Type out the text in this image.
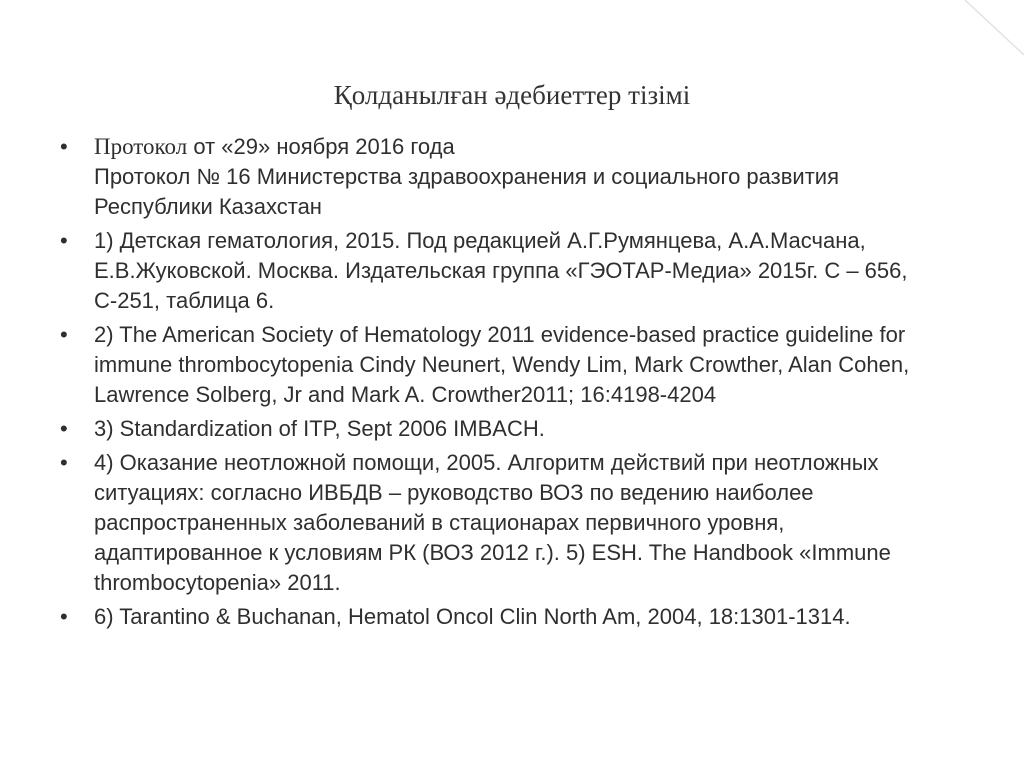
Қолданылған әдебиеттер тізімі
•	Протокол от «29» ноября 2016 года
Протокол № 16 Министерства здравоохранения и социального развития Республики Казахстан
•	1) Детская гематология, 2015. Под редакцией А.Г.Румянцева, А.А.Масчана, Е.В.Жуковской. Москва. Издательская группа «ГЭОТАР-Медиа» 2015г. С – 656, С-251, таблица 6.
•	2) The American Society of Hematology 2011 evidence-based practice guideline for immune thrombocytopenia Cindy Neunert, Wendy Lim, Mark Crowther, Alan Cohen, Lawrence Solberg, Jr and Mark A. Crowther2011; 16:4198-4204
•	3) Standardization of ITP, Sept 2006 IMBACH.
•	4) Оказание неотложной помощи, 2005. Алгоритм действий при неотложных ситуациях: согласно ИВБДВ – руководство ВОЗ по ведению наиболее распространенных заболеваний в стационарах первичного уровня, адаптированное к условиям РК (ВОЗ 2012 г.). 5) ESH. The Handbook «Immune thrombocytopenia» 2011.
•	6) Tarantino & Buchanan, Hematol Oncol Clin North Am, 2004, 18:1301-1314.
